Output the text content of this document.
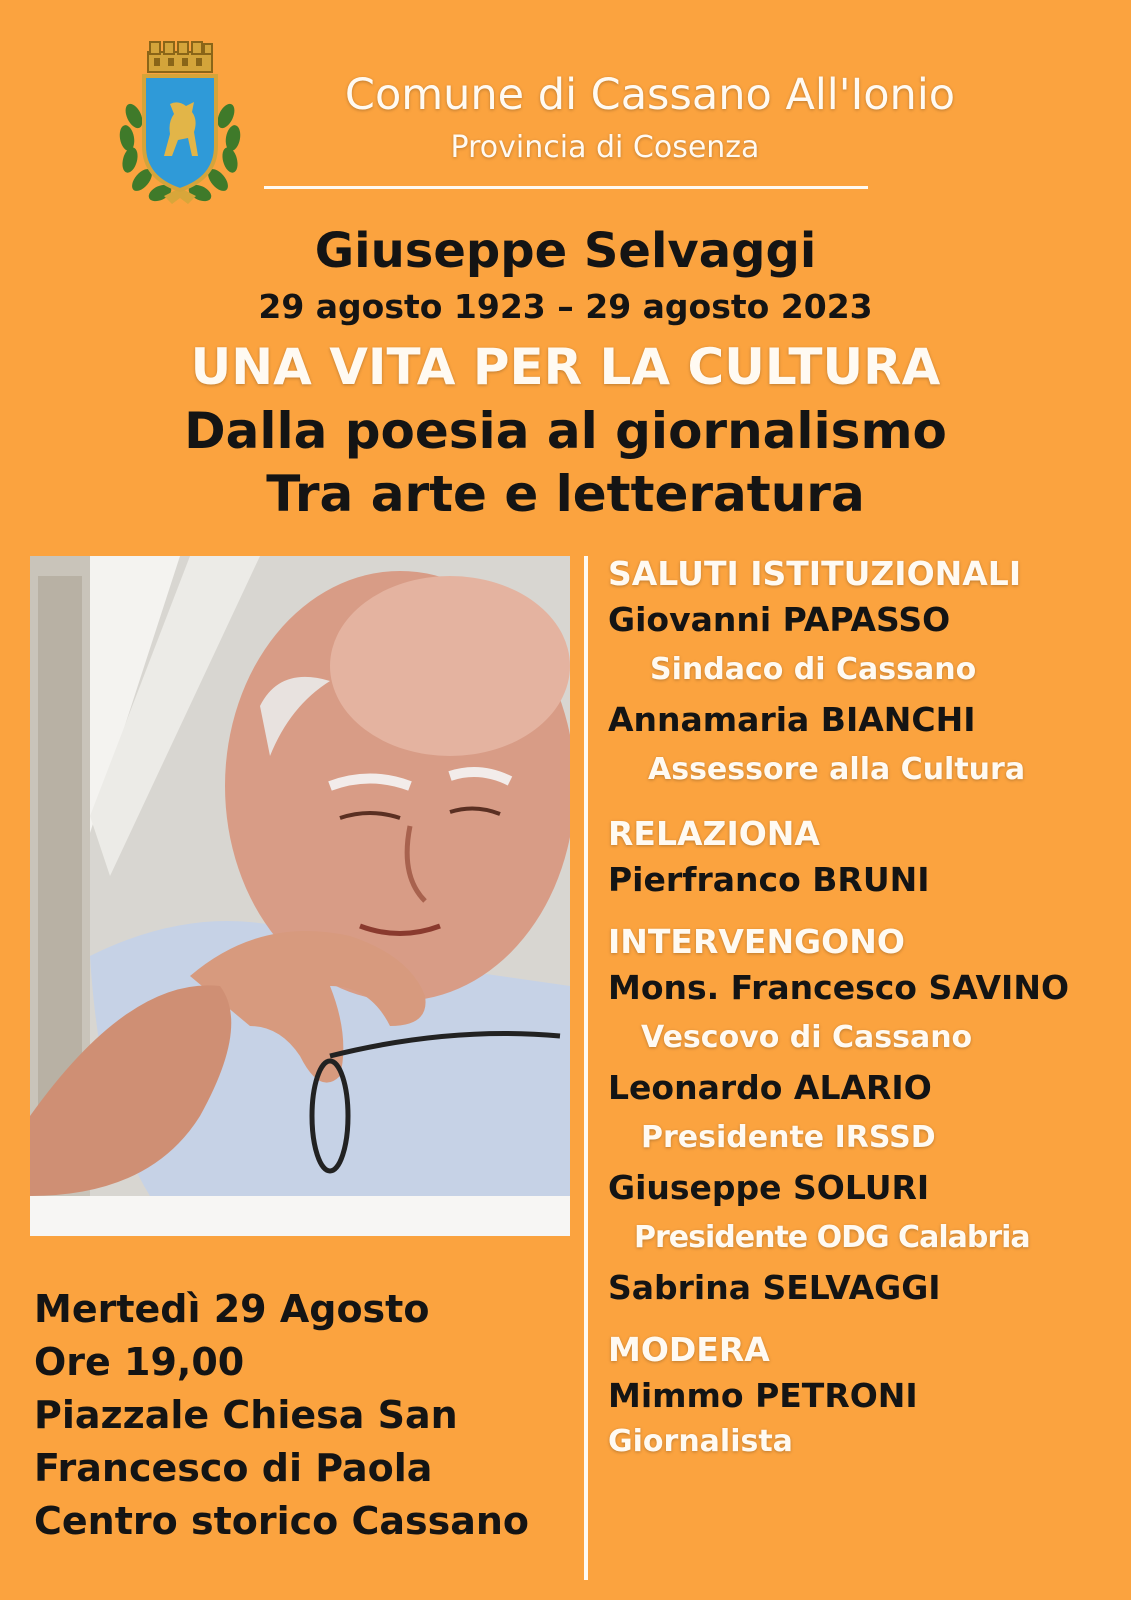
Comune di Cassano All'Ionio
Provincia di Cosenza
Giuseppe Selvaggi
29 agosto 1923 – 29 agosto 2023
UNA VITA PER LA CULTURA
Dalla poesia al giornalismo
Tra arte e letteratura
Mertedì 29 Agosto
Ore 19,00
Piazzale Chiesa San
Francesco di Paola
Centro storico Cassano
SALUTI ISTITUZIONALI
Giovanni PAPASSO
Sindaco di Cassano
Annamaria BIANCHI
Assessore alla Cultura
RELAZIONA
Pierfranco BRUNI
INTERVENGONO
Mons. Francesco SAVINO
Vescovo di Cassano
Leonardo ALARIO
Presidente IRSSD
Giuseppe SOLURI
Presidente ODG Calabria
Sabrina SELVAGGI
MODERA
Mimmo PETRONI
Giornalista
